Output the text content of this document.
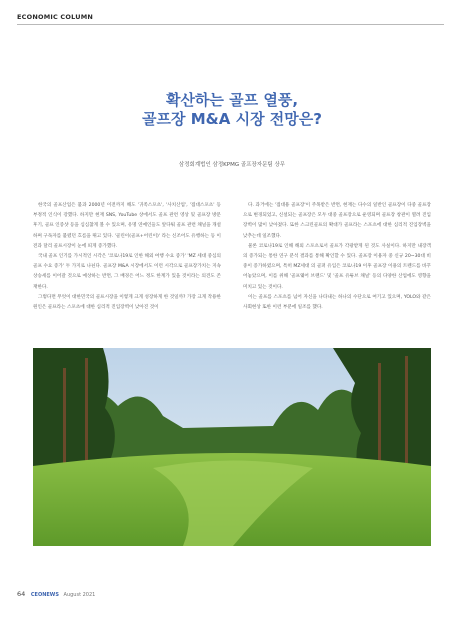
ECONOMIC COLUMN
확산하는 골프 열풍,
골프장 M&A 시장 전망은?
삼정회계법인 삼정KPMG 골프장자문팀 상무

한국의 골프산업은 불과 2000년 이전까지 해도 '귀족스포츠', '사치산업', '접대스포츠' 등 부정적 인식이 강했다. 하지만 현재 SNS, YouTube 상에서도 골프 관련 영상 및 골프장 방문 후기, 골프 인증샷 등을 심심찮게 볼 수 있으며, 유명 연예인들도 앞다퉈 골프 관련 채널을 개설하며 구독자를 불렸던 흐름을 뛰고 있다. '골린이(골프+어린이)' 라는 신조어도 유행하는 등 이전과 달리 골프시장이 눈에 띄게 증가했다.

국내 골프 인기를 가시적인 시각은 '코로나19로 인한 해외 여행 수요 증가' 'MZ 세대 중심의 골프 수요 증가' 두 가지로 나뉜다. 골프장 M&A 시장에서도 이런 시각으로 골프장가치는 지속 상승세를 이어갈 것으로 예상하는 반면, 그 배경은 어느 정도 한계가 있을 것이라는 의견도 존재한다.

그렇다면 무엇이 대한민국의 골프시장을 이렇게 크게 성장하게 한 것일까? 가장 크게 작용한 원인은 골프라는 스포츠에 대한 심리적 진입장벽이 낮아진 것이

다. 과거에는 '접대용 골프장'이 주목받은 반면, 현재는 다수의 일반인 골프장이 다중 골프장으로 변경되었고, 신설되는 골프장은 모두 대중 골프장으로 운영되며 골프장 창관이 열려 진입장벽이 많이 낮아졌다. 또한 스크린골프의 확대가 골프라는 스포츠에 대한 심리적 진입장벽을 낮추는데 일조했다.

물론 코로나19로 인해 해외 스포츠로서 골프가 각광받게 된 것도 사실이다. 하지만 내장객의 증가되는 통한 연구 분석 결과를 통해 확인할 수 있다. 골프장 이용자 중 신규 20~30대 비중이 증가하였으며, 특히 MZ세대 의 골퍼 유입은 코로나19 이후 골프장 이용의 트렌드를 바꾸어놓았으며, 이를 위해 '골프웨어 브랜드' 및 '골프 유튜브 채널' 등의 다양한 산업에도 영향을 미치고 있는 것이다.

이는 골프를 스포츠를 넘어 자신을 나타내는 하나의 수단으로 여기고 있으며, YOLO와 같은 사회현상 또한 이런 부분에 일조를 했다.

64 CEONEWS August 2021
